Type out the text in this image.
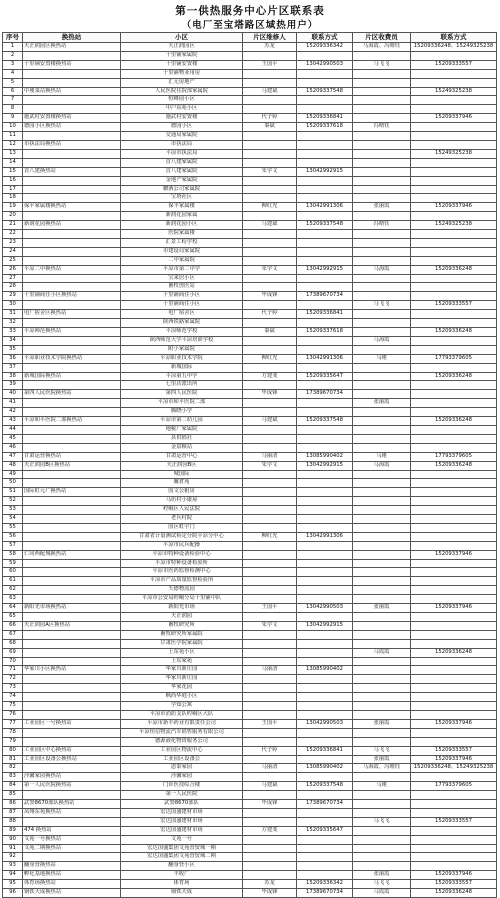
第一供热服务中心片区联系表
（电厂至宝塔路区域热用户）
序号	换热站	小区	片区维修人	联系方式	片区收费员	联系方式
1	天正润园区换热站	天正润园区	苏龙	15209336342	马海霞、冯晴钰	15209336248、15249325238
2		十里铺家属院				
3	十里铺安置楼换热站	十里铺安置楼	王国平	13042990503	马飞飞	15209333557
4		十里铺物业用房				
5		汇元房地产				
6	中埂菜站换热站	人民医院住院部家属院	马建斌	15209337548		15249325238
7		恒峰园小区				
8		中户东苑小区				
9	施武村安置楼换热站	施武村安置楼	代子婷	15209336841		15209337946
10	德园小区换热站	德园小区	秦斌	15209337618	冯晴钰	
11		交通局家属院				
12	市执法局换热站	市执法局				
13		平凉市执法局				15249325238
14		首八建家属院				
15	首八建换热站	首八建家属院	朱学文	13042992915		
16		金地产家属院				
17		糖酒公司家属院				
18		宝塔社区				
19	保丰家属楼换热站	保丰家属楼	柳红光	13042991306	张丽霞	15209337946
20		新润花园家属				
21	新润花园换热站	新润花园小区	马建斌	15209337548	冯晴钰	15249325238
22		医院家属楼				
23		汇景工程学校				
24		市建设局家属院				
25		二中家属院				
26	平凉二中换热站	平凉市第二中学	朱学文	13042992915	马海霞	15209336248
27		宝来居小区				
28		畜牧兽医站				
29	十里铺商住小区换热站	十里铺商住小区	毕成锋	17389670734		
30		十里铺商住小区			马飞飞	15209333557
31	电厂宿舍区换热站	电厂宿舍区	代子婷	15209336841		
32		陕西铁路家属院				
33	平凉师范换热站	平凉师范学校	秦斌	15209337618		15209336248
34		陕西师范大学平凉培训学校			马海霞	
35		附小家属院				
36	平凉职业技术学院换热站	平凉职业技术学院	柳红光	13042991306	马瑾	17793379605
37		新城国际				
38	新城国际换热站	平凉第五中学	方建斐	15209335647		15209336248
39		七里店派出所				
40	第四人民医院换热站	第四人民医院	毕成锋	17389670734		
41		平凉市和平医院二部			张丽霞	
42		腾晓小学				
43	平凉和平医院二部换热站	平凉市第二幼儿园	马建斌	15209337548		15209336248
44		地税厂家属院				
45		县供销社				
46		金泉粮站				
47	甘肃运营换热站	甘肃运营中心	马丽清	13085990402	马瑾	17793379605
48	天正润园B区换热站	天正润园B区	朱学文	13042992915	马海霞	15209336248
49		城国际				
50		馨倉苑				
51	国际虹元广换热站	国文公租房				
52		马坊村小康屋				
53		崆峒区人民法院				
54		老兵村院				
55		国区虹宇门				
56		甘肃省计量测试检定分院平凉分中心	柳红光	13042991306		
57		平凉市民兵配操				
58	仁同西配城换热站	平凉市特种设备检验中心				15209337946
59		平凉市特种设备检验所				
60		平凉市医药监督检测中心				
61		平凉市产品质量监督检验所				
62		天德物流园				
63		平凉市公安局崆峒分局十里铺中队				
64	新阳光市场换热站	新阳光市场	王国平	13042990503	张丽霞	15209337946
65		天正润园				
66	天正润园A区换热站	畜牧研究所	朱学文	13042992915		
67		畜牧研究所家属院				
68		甘肃医学院家属院				
69		上东苑小区			马霞霞	15209336248
70		上东家苑				
71	华家川小区换热站	华家川新庄园	马丽清	13085990402		
72		华家川新庄园				
73		华家花园				
74		枫尚华庭小区				
75		学知公寓				
76		平凉市消防支队崆峒区大队				
77	工业园区一号换热站	平凉市新丰药业有限责任公司	王国平	13042990503	张丽霞	15209337946
78		平凉恒信物流汽车销售服务有限公司				
79		德源液化物资服务公司				
80	工业园区中心换热站	工业园区物流中心	代子婷	15209336841	马飞飞	15209333557
81	工业园区设备公换热站	工业园区设备公			张丽霞	15209337946
82		恩泰家园	马丽清	13085990402	马海霞、冯晴钰	15209336248、15249325238
83	泾馨家园换热站	泾馨家园				
84	第一人民医院换热站	门诊医技综合楼	马建斌	15209337548	马瑾	17793379605
85		第一人民医院				
86	武警8670部队换热站	武警8670部队	毕成锋	17389670734		
87	凤翔东苑换热站	宏达国盛建材市场				
88		宏达国盛建材市场			马飞飞	15209333557
89	474 换热站	宏达国盛建材市场	方建斐	15209335647		
90	文苑一号换热站	文苑一号				
91	文苑二期换热站	宏达国盛集团文苑营贸城一期				
92		宏达国盛集团文苑营贸城二期				
93	翻身营换热站	翻身营小区				
94	孵化基地换热站	丰收厂			张丽霞	15209337946
95	体育场换热站	体育场	苏龙	15209336342	马飞飞	15209333557
96	钢铁天成换热站	钢铁天成	毕成锋	17389670734	马霞霞	15209336248
